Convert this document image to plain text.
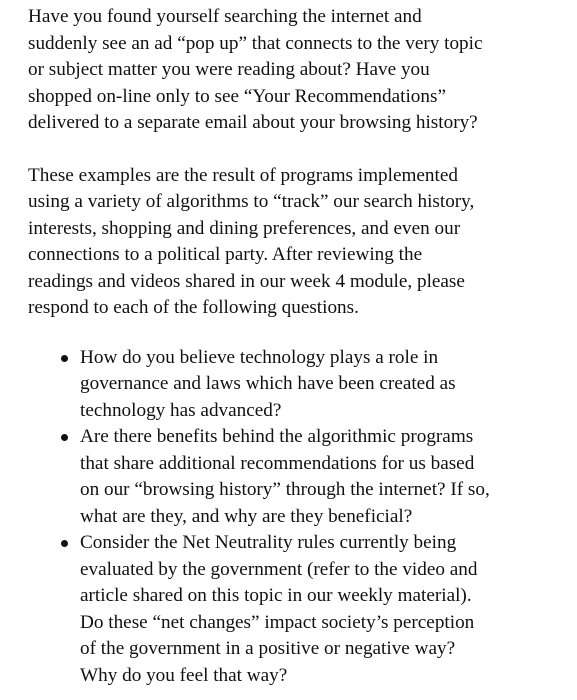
Have you found yourself searching the internet and
suddenly see an ad “pop up” that connects to the very topic
or subject matter you were reading about? Have you
shopped on-line only to see “Your Recommendations”
delivered to a separate email about your browsing history?

These examples are the result of programs implemented
using a variety of algorithms to “track” our search history,
interests, shopping and dining preferences, and even our
connections to a political party. After reviewing the
readings and videos shared in our week 4 module, please
respond to each of the following questions.

How do you believe technology plays a role in
governance and laws which have been created as
technology has advanced?
Are there benefits behind the algorithmic programs
that share additional recommendations for us based
on our “browsing history” through the internet? If so,
what are they, and why are they beneficial?
Consider the Net Neutrality rules currently being
evaluated by the government (refer to the video and
article shared on this topic in our weekly material).
Do these “net changes” impact society’s perception
of the government in a positive or negative way?
Why do you feel that way?
